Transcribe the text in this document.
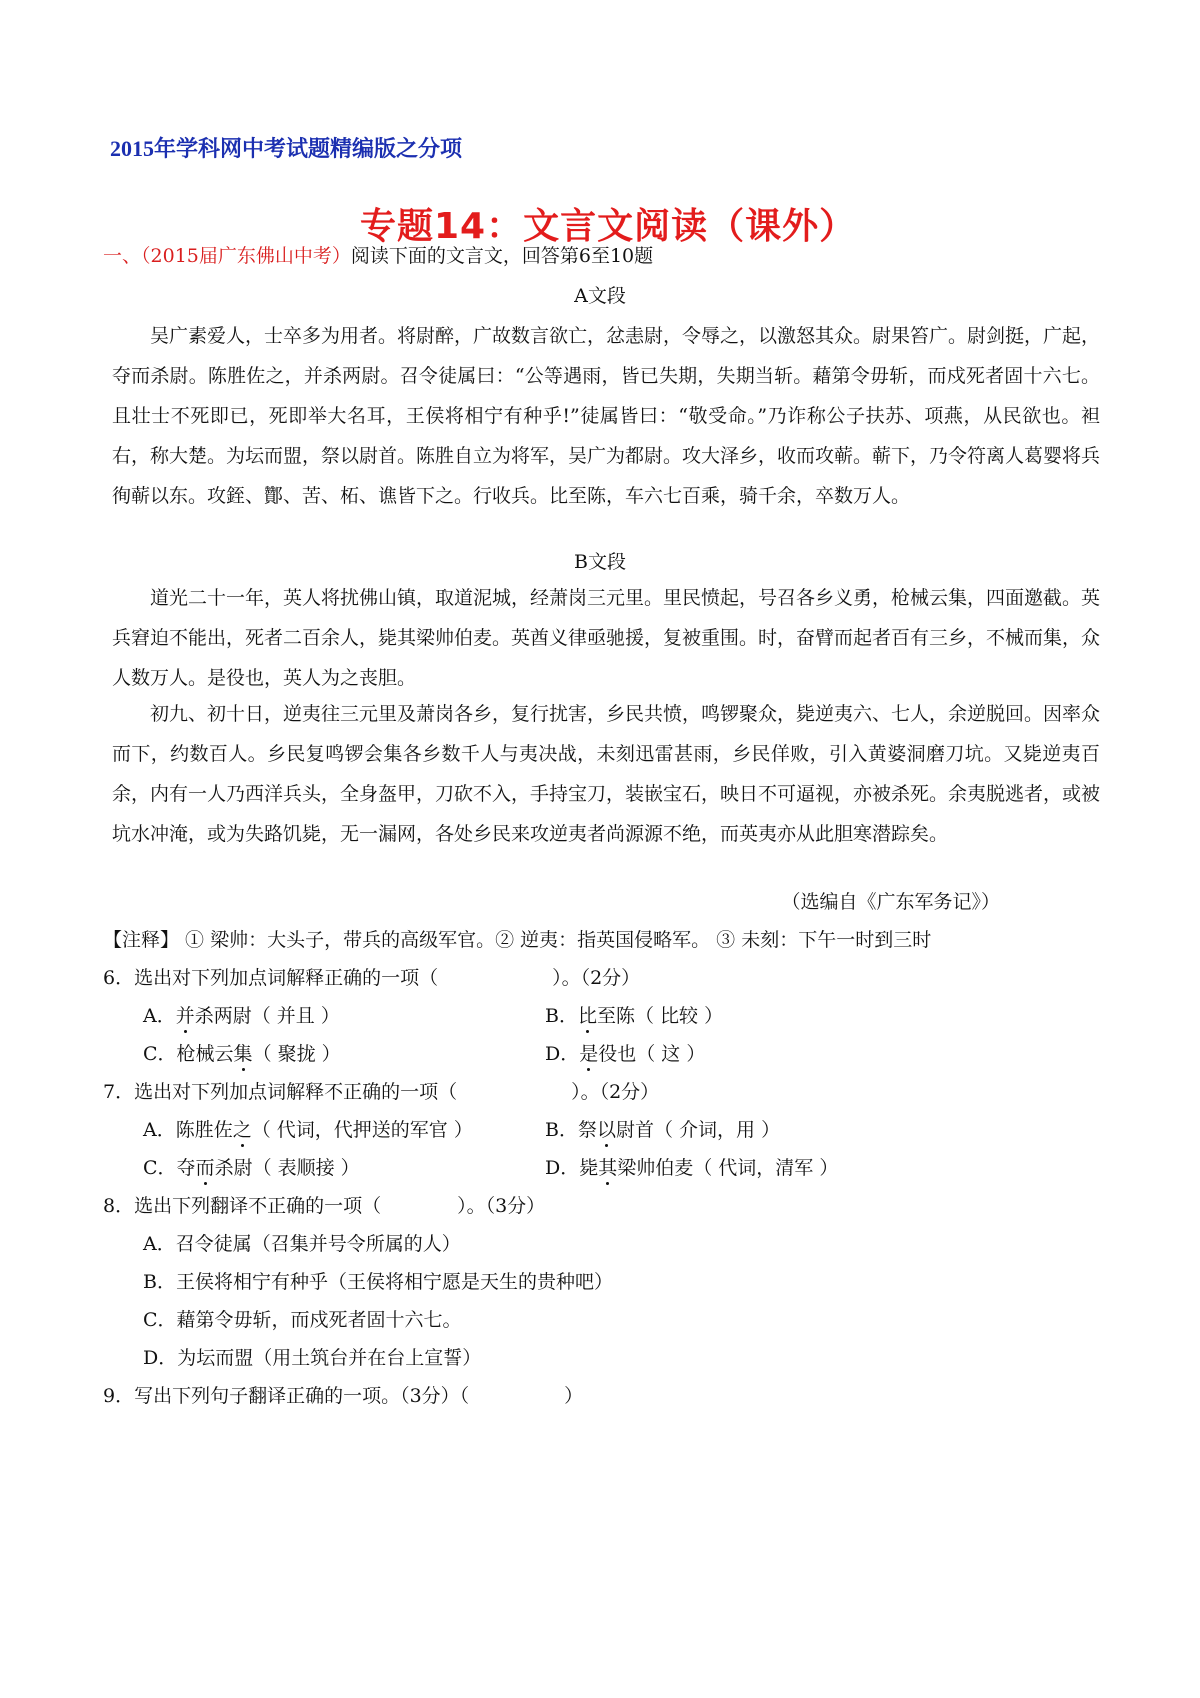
2015年学科网中考试题精编版之分项
专题14：文言文阅读（课外）
一、（2015届广东佛山中考）阅读下面的文言文，回答第6至10题
A文段
吴广素爱人，士卒多为用者。将尉醉，广故数言欲亡，忿恚尉，令辱之，以激怒其众。尉果笞广。尉剑挺，广起，夺而杀尉。陈胜佐之，并杀两尉。召令徒属曰：“公等遇雨，皆已失期，失期当斩。藉第令毋斩，而戍死者固十六七。且壮士不死即已，死即举大名耳，王侯将相宁有种乎!”徒属皆曰：“敬受命。”乃诈称公子扶苏、项燕，从民欲也。袒右，称大楚。为坛而盟，祭以尉首。陈胜自立为将军，吴广为都尉。攻大泽乡，收而攻蕲。蕲下，乃令符离人葛婴将兵徇蕲以东。攻銍、酇、苦、柘、谯皆下之。行收兵。比至陈，车六七百乘，骑千余，卒数万人。
B文段
道光二十一年，英人将扰佛山镇，取道泥城，经萧岗三元里。里民愤起，号召各乡义勇，枪械云集，四面邀截。英兵窘迫不能出，死者二百余人，毙其梁帅伯麦。英酋义律亟驰援，复被重围。时，奋臂而起者百有三乡，不械而集，众人数万人。是役也，英人为之丧胆。
初九、初十日，逆夷往三元里及萧岗各乡，复行扰害，乡民共愤，鸣锣聚众，毙逆夷六、七人，余逆脱回。因率众而下，约数百人。乡民复鸣锣会集各乡数千人与夷决战，未刻迅雷甚雨，乡民佯败，引入黄婆洞磨刀坑。又毙逆夷百余，内有一人乃西洋兵头，全身盔甲，刀砍不入，手持宝刀，装嵌宝石，映日不可逼视，亦被杀死。余夷脱逃者，或被坑水冲淹，或为失路饥毙，无一漏网，各处乡民来攻逆夷者尚源源不绝，而英夷亦从此胆寒潜踪矣。
（选编自《广东军务记》）
【注释】 ① 梁帅：大头子，带兵的高级军官。② 逆夷：指英国侵略军。 ③ 未刻：下午一时到三时
6．选出对下列加点词解释正确的一项（　　　　　　）。（2分）
A．并杀两尉（ 并且 ）	B．比至陈（ 比较 ）
C．枪械云集（ 聚拢 ）	D．是役也（ 这 ）
7．选出对下列加点词解释不正确的一项（　　　　　　）。（2分）
A．陈胜佐之（ 代词，代押送的军官 ）	B．祭以尉首（ 介词，用 ）
C．夺而杀尉（ 表顺接 ）	D．毙其梁帅伯麦（ 代词，清军 ）
8．选出下列翻译不正确的一项（　　　　）。（3分）
A．召令徒属（召集并号令所属的人）
B．王侯将相宁有种乎（王侯将相宁愿是天生的贵种吧）
C．藉第令毋斩，而戍死者固十六七。
D．为坛而盟（用土筑台并在台上宣誓）
9．写出下列句子翻译正确的一项。（3分）（　　　　　）
